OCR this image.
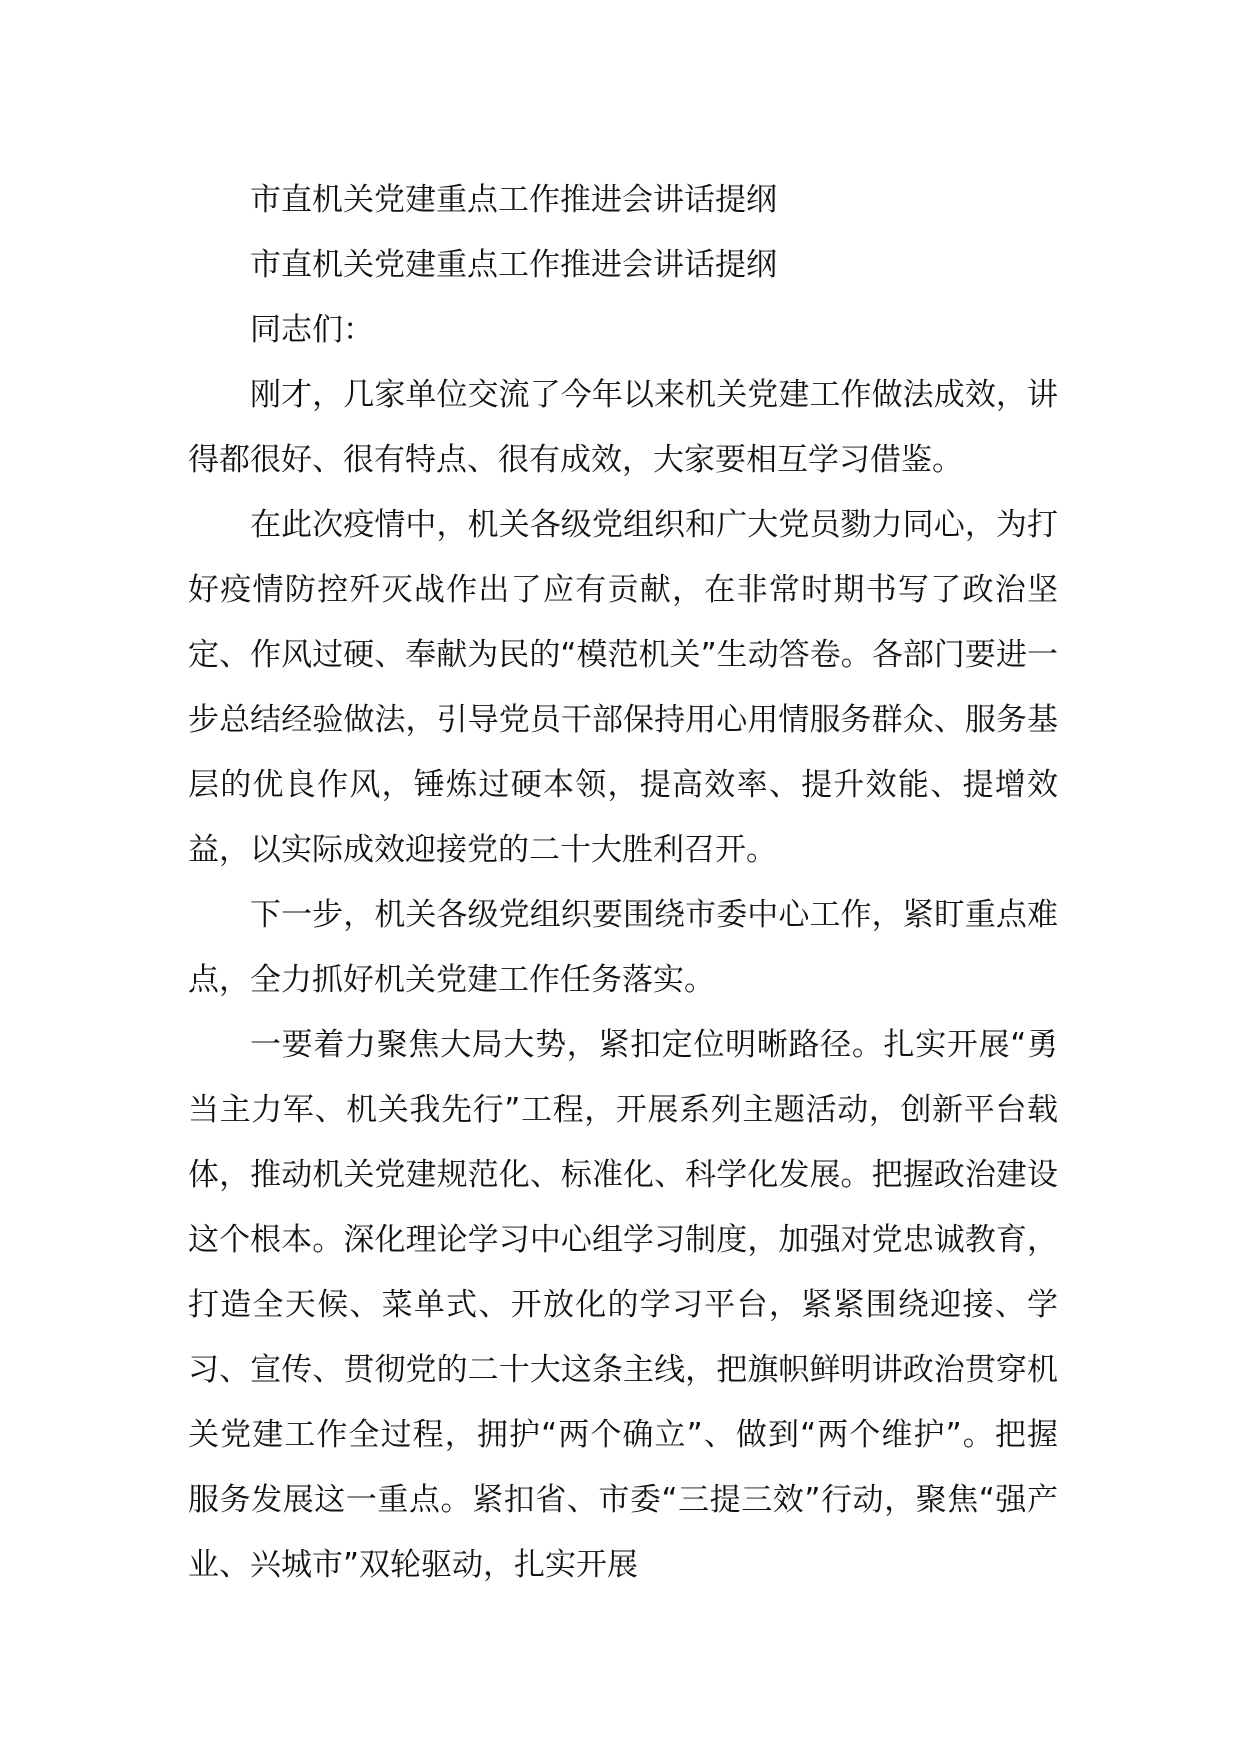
市直机关党建重点工作推进会讲话提纲

市直机关党建重点工作推进会讲话提纲

同志们：

刚才，几家单位交流了今年以来机关党建工作做法成效，讲得都很好、很有特点、很有成效，大家要相互学习借鉴。

在此次疫情中，机关各级党组织和广大党员勠力同心，为打好疫情防控歼灭战作出了应有贡献，在非常时期书写了政治坚定、作风过硬、奉献为民的“模范机关”生动答卷。各部门要进一步总结经验做法，引导党员干部保持用心用情服务群众、服务基层的优良作风，锤炼过硬本领，提高效率、提升效能、提增效益，以实际成效迎接党的二十大胜利召开。

下一步，机关各级党组织要围绕市委中心工作，紧盯重点难点，全力抓好机关党建工作任务落实。

一要着力聚焦大局大势，紧扣定位明晰路径。扎实开展“勇当主力军、机关我先行”工程，开展系列主题活动，创新平台载体，推动机关党建规范化、标准化、科学化发展。把握政治建设这个根本。深化理论学习中心组学习制度，加强对党忠诚教育，打造全天候、菜单式、开放化的学习平台，紧紧围绕迎接、学习、宣传、贯彻党的二十大这条主线，把旗帜鲜明讲政治贯穿机关党建工作全过程，拥护“两个确立”、做到“两个维护”。把握服务发展这一重点。紧扣省、市委“三提三效”行动，聚焦“强产业、兴城市”双轮驱动，扎实开展
